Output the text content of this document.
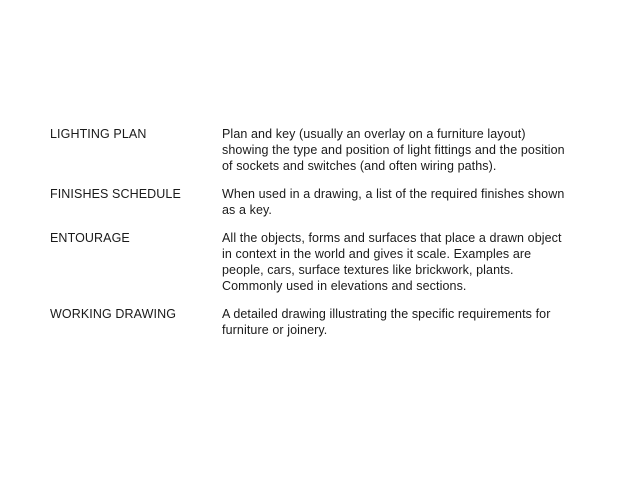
LIGHTING PLAN	Plan and key (usually an overlay on a furniture layout)
showing the type and position of light fittings and the position
of sockets and switches (and often wiring paths).
FINISHES SCHEDULE	When used in a drawing, a list of the required finishes shown
as a key.
ENTOURAGE	All the objects, forms and surfaces that place a drawn object
in context in the world and gives it scale. Examples are
people, cars, surface textures like brickwork, plants.
Commonly used in elevations and sections.
WORKING DRAWING	A detailed drawing illustrating the specific requirements for
furniture or joinery.
